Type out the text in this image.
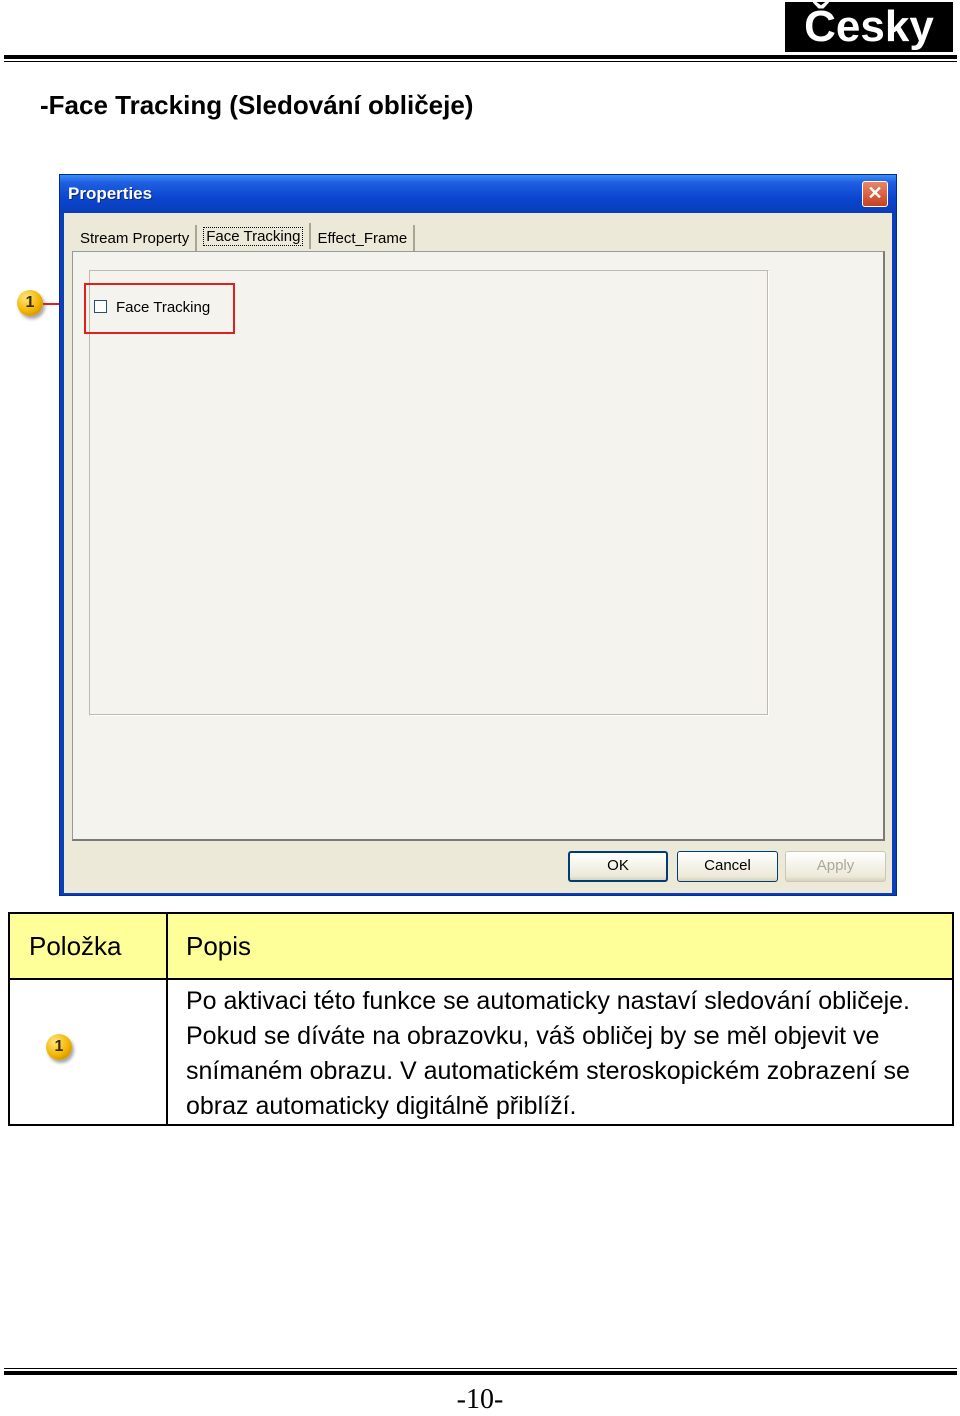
Česky
-Face Tracking (Sledování obličeje)
1
Properties	✕
Stream Property	Face Tracking	Effect_Frame
OK	Cancel	Apply
Face Tracking
Položka	Popis

1	Po aktivaci této funkce se automaticky nastaví sledování obličeje. Pokud se díváte na obrazovku, váš obličej by se měl objevit ve snímaném obrazu. V automatickém steroskopickém zobrazení se obraz automaticky digitálně přiblíží.
-10-
